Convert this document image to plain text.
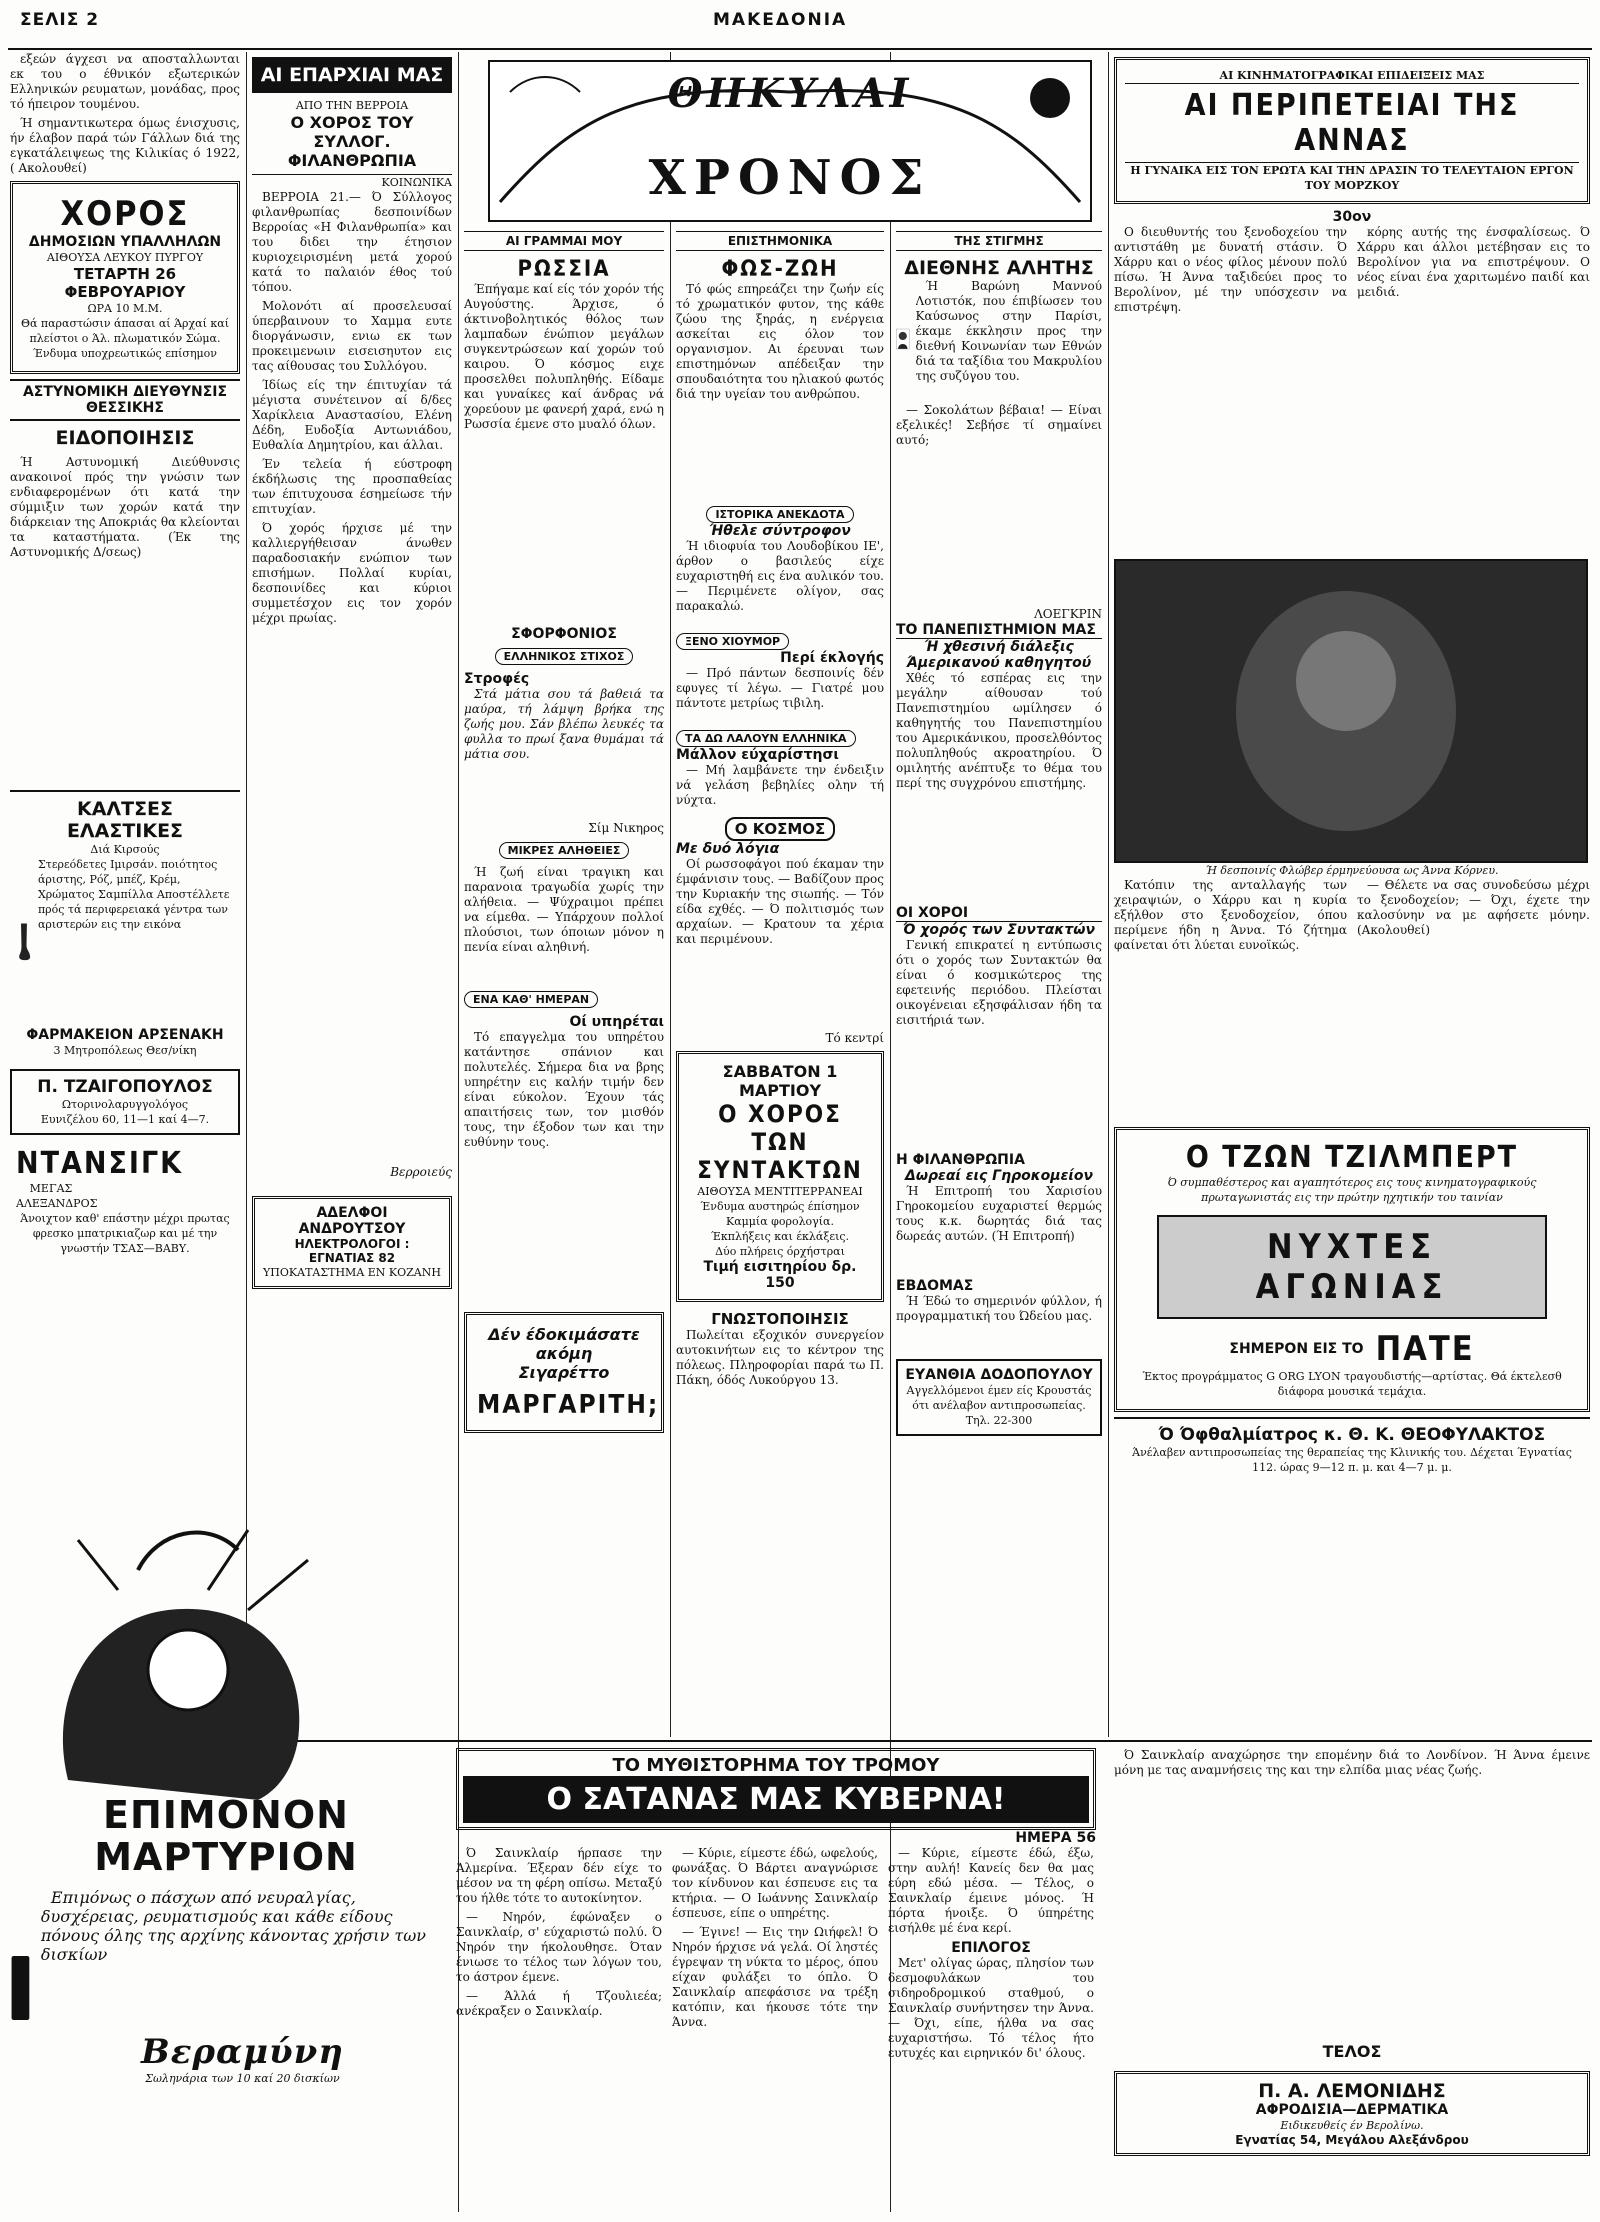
ΣΕΛΙΣ 2	ΜΑΚΕΔΟΝΙΑ

εξεών άγχεσι να αποσταλλωνται εκ του ο έθνικόν εξωτερικών Ελληνικών ρευματων, μονάδας, προς τό ήπειρον τουμένου.

Ή σημαντικωτερα όμως ένισχυσις, ήν έλαβον παρά τών Γάλλων διά της εγκατάλειψεως της Κιλικίας ό 1922, ( Ακολουθεί)

ΧΟΡΟΣ
ΔΗΜΟΣΙΩΝ ΥΠΑΛΛΗΛΩΝ
ΑΙΘΟΥΣΑ ΛΕΥΚΟΥ ΠΥΡΓΟΥ
ΤΕΤΑΡΤΗ 26 ΦΕΒΡΟΥΑΡΙΟΥ
ΩΡΑ 10 Μ.Μ.
Θά παραστώσιν άπασαι αί Άρχαί καί πλείστοι ο Άλ. πλωματικόν Σώμα.
Ένδυμα υποχρεωτικώς επίσημον
ΑΣΤΥΝΟΜΙΚΗ ΔΙΕΥΘΥΝΣΙΣ ΘΕΣΣΙΚΗΣ
ΕΙΔΟΠΟΙΗΣΙΣ

Ή Αστυνομική Διεύθυνσις ανακοινοί πρός την γνώσιν των ενδιαφερομένων ότι κατά την σύμμιξιν των χορών κατά την διάρκειαν της Αποκριάς θα κλείονται τα καταστήματα. (Έκ της Αστυνομικής Δ/σεως)

ΚΑΛΤΣΕΣ ΕΛΑΣΤΙΚΕΣ
Διά Κιρσούς
Στερεόδετες Ιμιρσάν. ποιότητος άριστης, Ρόζ, μπέζ, Κρέμ, Χρώματος Σαμπίλλα Αποστέλλετε πρός τά περιφερειακά γέντρα των αριστερών εις την εικόνα
ΦΑΡΜΑΚΕΙΟΝ ΑΡΣΕΝΑΚΗ
3 Μητροπόλεως Θεσ/νίκη
Π. ΤΖΑΙΓΟΠΟΥΛΟΣ
Ωτορινολαρυγγολόγος
Ευνιζέλου 60, 11—1 καί 4—7.
ΝΤΑΝΣΙΓΚ ΜΕΓΑΣ ΑΛΕΞΑΝΔΡΟΣ
Άνοιχτον καθ' επάστην μέχρι πρωτας φρεσκο μπατρικιαζωρ και μέ την γνωστήν ΤΣΑΣ—ΒΑΒΥ.
ΑΙ ΕΠΑΡΧΙΑΙ ΜΑΣ
ΑΠΟ ΤΗΝ ΒΕΡΡΟΙΑ
Ο ΧΟΡΟΣ ΤΟΥ ΣΥΛΛΟΓ. ΦΙΛΑΝΘΡΩΠΙΑ
ΚΟΙΝΩΝΙΚΑ

ΒΕΡΡΟΙΑ 21.— Ό Σύλλογος φιλανθρωπίας δεσποινίδων Βερροίας «Η Φιλανθρωπία» και του διδει την έτησιον κυριοχειρισμένη μετά χορού κατά το παλαιόν έθος τού τόπου.

Μολονότι αί προσελευσαί ύπερβαινουν το Χαμμα ευτε διοργάνωσιν, ενιω εκ των προκειμενωιν εισεισηυτον εις τας αίθουσας του Συλλόγου.

Ίδίως είς την έπιτυχίαν τά μέγιστα συνέτεινον αί δ/δες Χαρίκλεια Αναστασίου, Ελένη Δέδη, Ευδοξία Αντωνιάδου, Ευθαλία Δημητρίου, και άλλαι.

Έν τελεία ή εύστροφη έκδήλωσις της προσπαθείας των έπιτυχουσα έσημείωσε τήν επιτυχίαν.

Ό χορός ήρχισε μέ την καλλιεργήθεισαν άνωθεν παραδοσιακήν ενώπιον των επισήμων. Πολλαί κυρίαι, δεσποινίδες και κύριοι συμμετέσχον εις τον χορόν μέχρι πρωίας.

Βερροιεύς
ΑΔΕΛΦΟΙ ΑΝΔΡΟΥΤΣΟΥ
ΗΛΕΚΤΡΟΛΟΓΟΙ : ΕΓΝΑΤΙΑΣ 82
ΥΠΟΚΑΤΑΣΤΗΜΑ ΕΝ ΚΟΖΑΝΗ
ΘΗΚΥΛΑΙ
ΧΡΟΝΟΣ
ΑΙ ΓΡΑΜΜΑΙ ΜΟΥ
ΡΩΣΣΙΑ

Έπήγαμε καί είς τόν χορόν τής Αυγούστης. Άρχισε, ό άκτινοβολητικός θόλος των λαμπαδων ένώπιον μεγάλων συγκεντρώσεων καί χορών τού καιρου. Ό κόσμος ειχε προσελθει πολυπληθής. Είδαμε και γυναίκες καί άνδρας νά χορεύουν με φανερή χαρά, ενώ η Ρωσσία έμενε στο μυαλό όλων.

ΣΦΟΡΦΟΝΙΟΣ
ΕΛΛΗΝΙΚΟΣ ΣΤΙΧΟΣ
Στροφές

Στά μάτια σου τά βαθειά τα μαύρα, τή λάμψη βρήκα της ζωής μου. Σάν βλέπω λευκές τα φυλλα το πρωί ξανα θυμάμαι τά μάτια σου.

Σίμ Νικηρος
ΜΙΚΡΕΣ ΑΛΗΘΕΙΕΣ

Ή ζωή είναι τραγικη και παρανοια τραγωδία χωρίς την αλήθεια. — Ψύχραιμοι πρέπει να είμεθα. — Υπάρχουν πολλοί πλούσιοι, των όποιων μόνον η πενία είναι αληθινή.

ΕΝΑ ΚΑΘ' ΗΜΕΡΑΝ
Οί υπηρέται

Τό επαγγελμα του υπηρέτου κατάντησε σπάνιον και πολυτελές. Σήμερα δια να βρης υπηρέτην εις καλήν τιμήν δεν είναι εύκολον. Έχουν τάς απαιτήσεις των, τον μισθόν τους, την έξοδον των και την ευθύνην τους.

Δέν έδοκιμάσατε
ακόμη
Σιγαρέττο
ΜΑΡΓΑΡΙΤΗ;
ΕΠΙΣΤΗΜΟΝΙΚΑ
ΦΩΣ-ΖΩΗ

Τό φώς επηρεάζει την ζωήν είς τό χρωματικόν φυτον, της κάθε ζώου της ξηράς, η ενέργεια ασκείται εις όλον τον οργανισμον. Αι έρευναι των επιστημόνων απέδειξαν την σπουδαιότητα του ηλιακού φωτός διά την υγείαν του ανθρώπου.

ΙΣΤΟΡΙΚΑ ΑΝΕΚΔΟΤΑ
Ήθελε σύντροφον

Ή ιδιοφυία του Λουδοβίκου ΙΕ', άρθον ο βασιλεύς είχε ευχαριστηθή εις ένα αυλικόν του. — Περιμένετε ολίγον, σας παρακαλώ.

ΞΕΝΟ ΧΙΟΥΜΟΡ
Περί έκλογής

— Πρό πάντων δεσποινίς δέν εφυγες τί λέγω. — Γιατρέ μου πάντοτε μετρίως τιβιλη.

ΤΑ ΔΩ ΛΑΛΟΥΝ ΕΛΛΗΝΙΚΑ
Μάλλον εύχαρίστησι

— Μή λαμβάνετε την ένδειξιν νά γελάση βεβηλίες ολην τή νύχτα.

Ο ΚΟΣΜΟΣ
Με δυό λόγια

Οί ρωσσοφάγοι πού έκαμαν την έμφάνισιν τους. — Βαδίζουν προς την Κυριακήν της σιωπής. — Τόν είδα εχθές. — Ό πολιτισμός των αρχαίων. — Κρατουν τα χέρια και περιμένουν.

Τό κεντρί
ΣΑΒΒΑΤΟΝ 1 ΜΑΡΤΙΟΥ
Ο ΧΟΡΟΣ ΤΩΝ ΣΥΝΤΑΚΤΩΝ
ΑΙΘΟΥΣΑ ΜΕΝΤΙΤΕΡΡΑΝΕΑΙ
Ένδυμα αυστηρώς έπίσημον Καμμία φορολογία.
Έκπλήξεις και έκλάξεις.
Δύο πλήρεις όρχήστραι
Τιμή εισιτηρίου δρ. 150
ΓΝΩΣΤΟΠΟΙΗΣΙΣ

Πωλείται εξοχικόν συνεργείον αυτοκινήτων εις το κέντρον της πόλεως. Πληροφορίαι παρά τω Π. Πάκη, όδός Λυκούργου 13.

ΤΗΣ ΣΤΙΓΜΗΣ
ΔΙΕΘΝΗΣ ΑΛΗΤΗΣ

Ή Βαρώνη Μαννού Λοτιστόκ, που έπιβίωσεν του Καύσωνος στην Παρίσι, έκαμε έκκλησιν προς την διεθνή Κοινωνίαν των Εθνών διά τα ταξίδια του Μακρυλίου της συζύγου του.

— Σοκολάτων βέβαια! — Είναι εξελικές! Σεβήσε τί σημαίνει αυτό;

ΛΟΕΓΚΡΙΝ
ΤΟ ΠΑΝΕΠΙΣΤΗΜΙΟΝ ΜΑΣ
Ή χθεσινή διάλεξις Άμερικανού καθηγητού

Χθές τό εσπέρας εις την μεγάλην αίθουσαν τού Πανεπιστημίου ωμίλησεν ό καθηγητής του Πανεπιστημίου του Αμερικάνικου, προσελθόντος πολυπληθούς ακροατηρίου. Ό ομιλητής ανέπτυξε το θέμα του περί της συγχρόνου επιστήμης.

ΟΙ ΧΟΡΟΙ
Ό χορός των Συντακτών

Γενική επικρατεί η εντύπωσις ότι ο χορός των Συντακτών θα είναι ό κοσμικώτερος της εφετεινής περιόδου. Πλείσται οικογένειαι εξησφάλισαν ήδη τα εισιτήριά των.

Η ΦΙΛΑΝΘΡΩΠΙΑ
Δωρεαί εις Γηροκομείον

Ή Επιτροπή του Χαρισίου Γηροκομείου ευχαριστεί θερμώς τους κ.κ. δωρητάς διά τας δωρεάς αυτών. (Ή Επιτροπή)

ΕΒΔΟΜΑΣ

Ή Έδώ το σημερινόν φύλλον, ή προγραμματική του Ώδείου μας.

ΕΥΑΝΘΙΑ ΔΟΔΟΠΟΥΛΟΥ
Αγγελλόμενοι έμεν είς Κρουστάς ότι ανέλαβον αντιπροσωπείας. Τηλ. 22-300
ΑΙ ΚΙΝΗΜΑΤΟΓΡΑΦΙΚΑΙ ΕΠΙΔΕΙΞΕΙΣ ΜΑΣ
ΑΙ ΠΕΡΙΠΕΤΕΙΑΙ ΤΗΣ ΑΝΝΑΣ
Η ΓΥΝΑΙΚΑ ΕΙΣ ΤΟΝ ΕΡΩΤΑ ΚΑΙ ΤΗΝ ΔΡΑΣΙΝ ΤΟ ΤΕΛΕΥΤΑΙΟΝ ΕΡΓΟΝ ΤΟΥ ΜΟΡΖΚΟΥ
30ον

Ο διευθυντής του ξενοδοχείου την αντιστάθη με δυνατή στάσιν. Ό Χάρρυ και ο νέος φίλος μένουν πολύ πίσω. Ή Άννα ταξιδεύει προς το Βερολίνον, μέ την υπόσχεσιν να επιστρέψη.

κόρης αυτής της ένσφαλίσεως. Ό Χάρρυ και άλλοι μετέβησαν εις το Βερολίνον για να επιστρέψουν. Ο νέος είναι ένα χαριτωμένο παιδί και μειδιά.

Ή δεσποινίς Φλώβερ έρμηνεύουσα ως Άννα Κόρνευ.

Κατόπιν της ανταλλαγής των χειραψιών, ο Χάρρυ και η κυρία εξήλθον στο ξενοδοχείον, όπου περίμενε ήδη η Άννα. Τό ζήτημα φαίνεται ότι λύεται ευνοϊκώς.

— Θέλετε να σας συνοδεύσω μέχρι το ξενοδοχείον; — Όχι, έχετε την καλοσύνην να με αφήσετε μόνην. (Ακολουθεί)

Ο ΤΖΩΝ ΤΖΙΛΜΠΕΡΤ
Ό συμπαθέστερος και αγαπητότερος εις τους κινηματογραφικούς πρωταγωνιστάς εις την πρώτην ηχητικήν του ταινίαν
ΝΥΧΤΕΣ ΑΓΩΝΙΑΣ
ΣΗΜΕΡΟΝ ΕΙΣ ΤΟ ΠΑΤΕ
Έκτος προγράμματος G ORG LYON τραγουδιστής—αρτίστας. Θά έκτελεσθ διάφορα μουσικά τεμάχια.
Ό Όφθαλμίατρος κ. Θ. Κ. ΘΕΟΦΥΛΑΚΤΟΣ
Άνέλαβεν αντιπροσωπείας της θεραπείας της Κλινικής του. Δέχεται Έγνατίας 112. ώρας 9—12 π. μ. και 4—7 μ. μ.
ΕΠΙΜΟΝΟΝ ΜΑΡΤΥΡΙΟΝ

Επιμόνως ο πάσχων από νευραλγίας, δυσχέρειας, ρευματισμούς και κάθε είδους πόνους όλης της αρχίνης κάνοντας χρήσιν των δισκίων

Βεραμύνη
Σωληνάρια των 10 καί 20 δισκίων
ΤΟ ΜΥΘΙΣΤΟΡΗΜΑ ΤΟΥ ΤΡΟΜΟΥ
Ο ΣΑΤΑΝΑΣ ΜΑΣ ΚΥΒΕΡΝΑ!
ΗΜΕΡΑ 56

Ό Σαινκλαίρ ήρπασε την Άλμερίνα. Έξεραν δέν είχε το μέσον να τη φέρη οπίσω. Μεταξύ του ήλθε τότε το αυτοκίνητον.

— Νηρόν, έφώναξεν ο Σαινκλαίρ, σ' εύχαριστώ πολύ. Ό Νηρόν την ήκολουθησε. Όταν ένιωσε το τέλος των λόγων του, το άστρον έμενε.

— Άλλά ή Τζουλιεέα; ανέκραξεν ο Σαινκλαίρ.

— Κύριε, είμεστε έδώ, ωφελούς, φωνάξας. Ό Βάρτει αναγνώρισε τον κίνδυνον και έσπευσε εις τα κτήρια. — Ο Ιωάννης Σαινκλαίρ έσπευσε, είπε ο υπηρέτης.

— Έγινε! — Εις την Ωιήφελ! Ό Νηρόν ήρχισε νά γελά. Οί ληστές έγρεψαν τη νύκτα το μέρος, όπου είχαν φυλάξει το όπλο. Ό Σαινκλαίρ απεφάσισε να τρέξη κατόπιν, και ήκουσε τότε την Άννα.

— Κύριε, είμεστε έδώ, έξω, στην αυλή! Κανείς δεν θα μας εύρη εδώ μέσα. — Τέλος, ο Σαινκλαίρ έμεινε μόνος. Ή πόρτα ήνοιξε. Ό ύπηρέτης εισήλθε μέ ένα κερί.

ΕΠΙΛΟΓΟΣ

Μετ' ολίγας ώρας, πλησίον των δεσμοφυλάκων του σιδηροδρομικού σταθμού, ο Σαινκλαίρ συνήντησεν την Άννα. — Όχι, είπε, ήλθα να σας ευχαριστήσω. Τό τέλος ήτο ευτυχές και ειρηνικόν δι' όλους.

Ό Σαινκλαίρ αναχώρησε την επομένην διά το Λονδίνον. Ή Άννα έμεινε μόνη με τας αναμνήσεις της και την ελπίδα μιας νέας ζωής.

ΤΕΛΟΣ
Π. Α. ΛΕΜΟΝΙΔΗΣ
ΑΦΡΟΔΙΣΙΑ—ΔΕΡΜΑΤΙΚΑ
Ειδικευθείς έν Βερολίνω.
Εγνατίας 54, Μεγάλου Αλεξάνδρου
